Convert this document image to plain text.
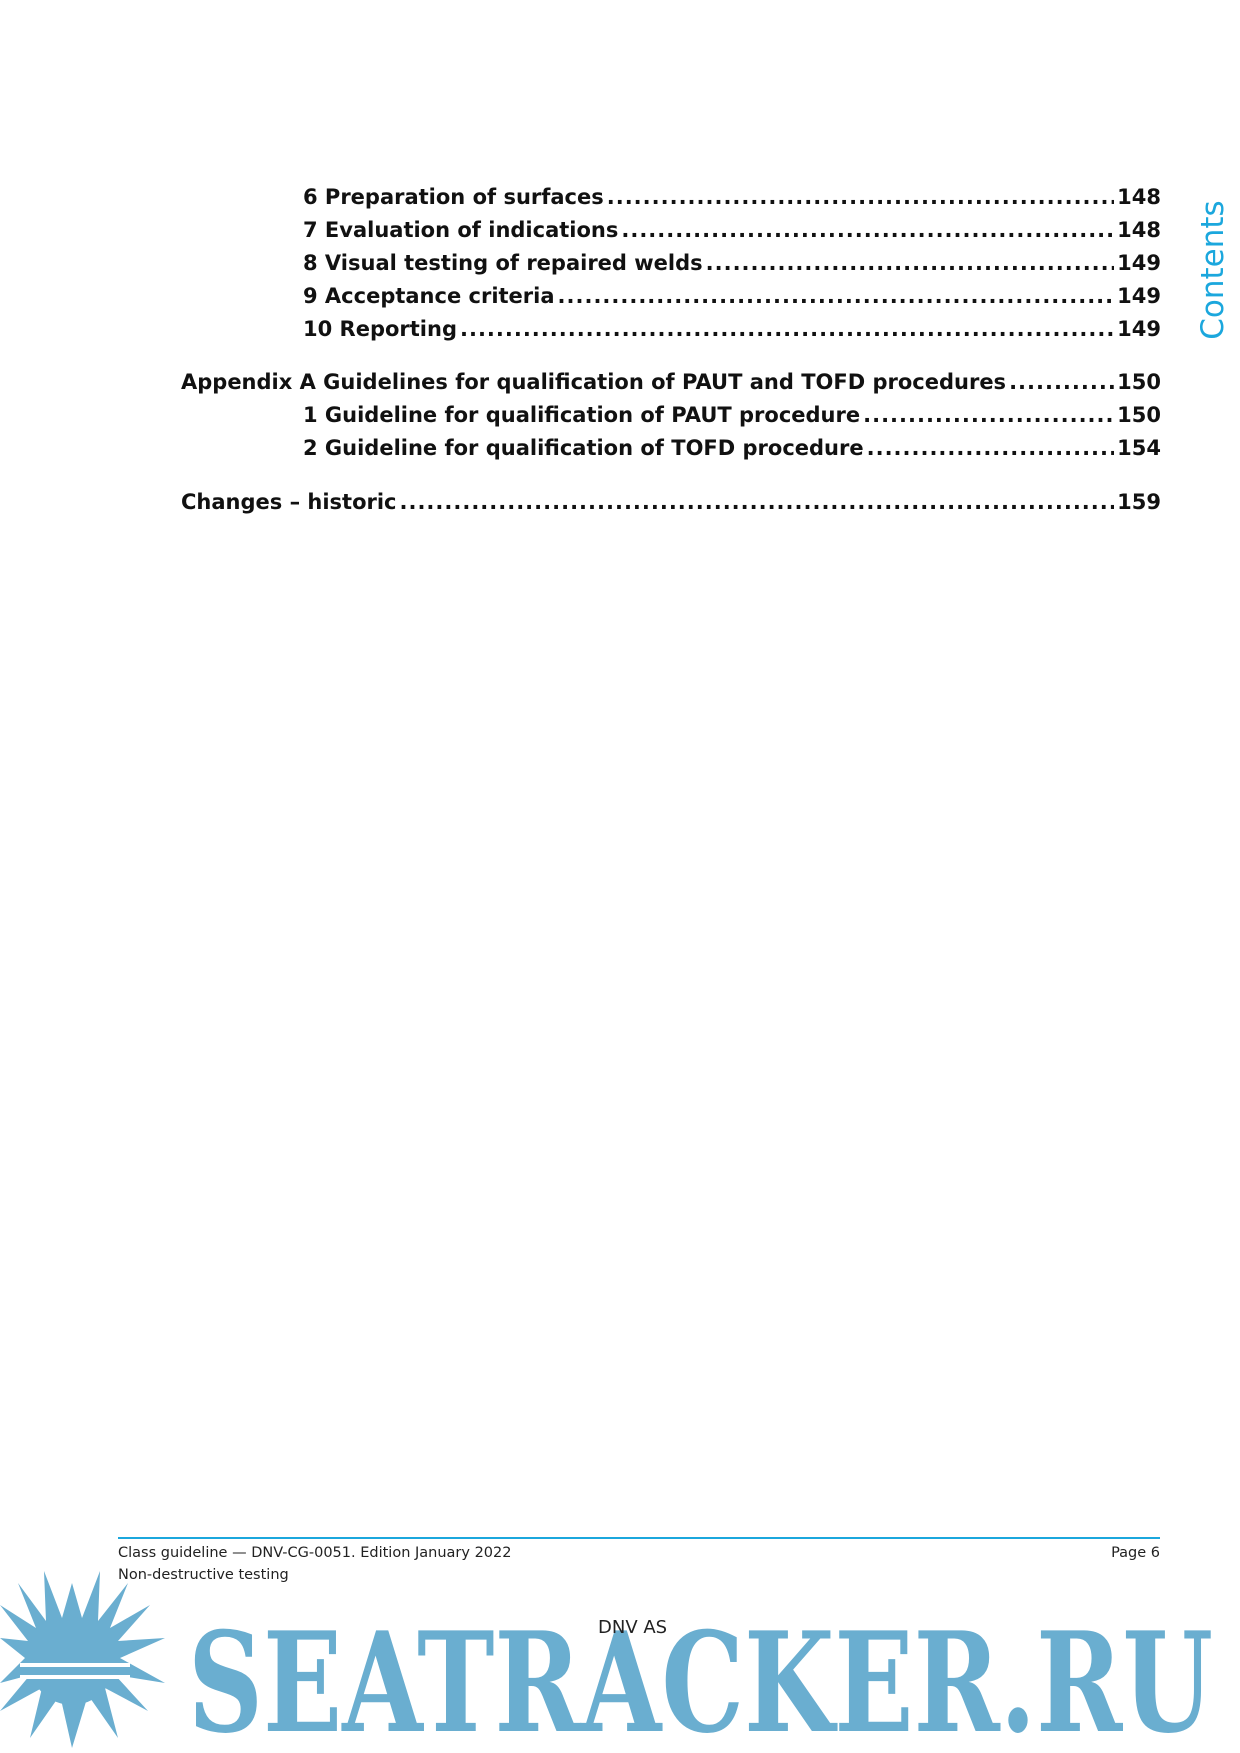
6 Preparation of surfaces .....	148
7 Evaluation of indications .....	148
8 Visual testing of repaired welds .....	149
9 Acceptance criteria .....	149
10 Reporting .....	149
Appendix A Guidelines for qualification of PAUT and TOFD procedures .....	150
1 Guideline for qualification of PAUT procedure .....	150
2 Guideline for qualification of TOFD procedure .....	154
Changes – historic .....	159
Contents
Class guideline — DNV-CG-0051. Edition January 2022
Non-destructive testing
Page 6
SEATRACKER.RU
DNV AS
